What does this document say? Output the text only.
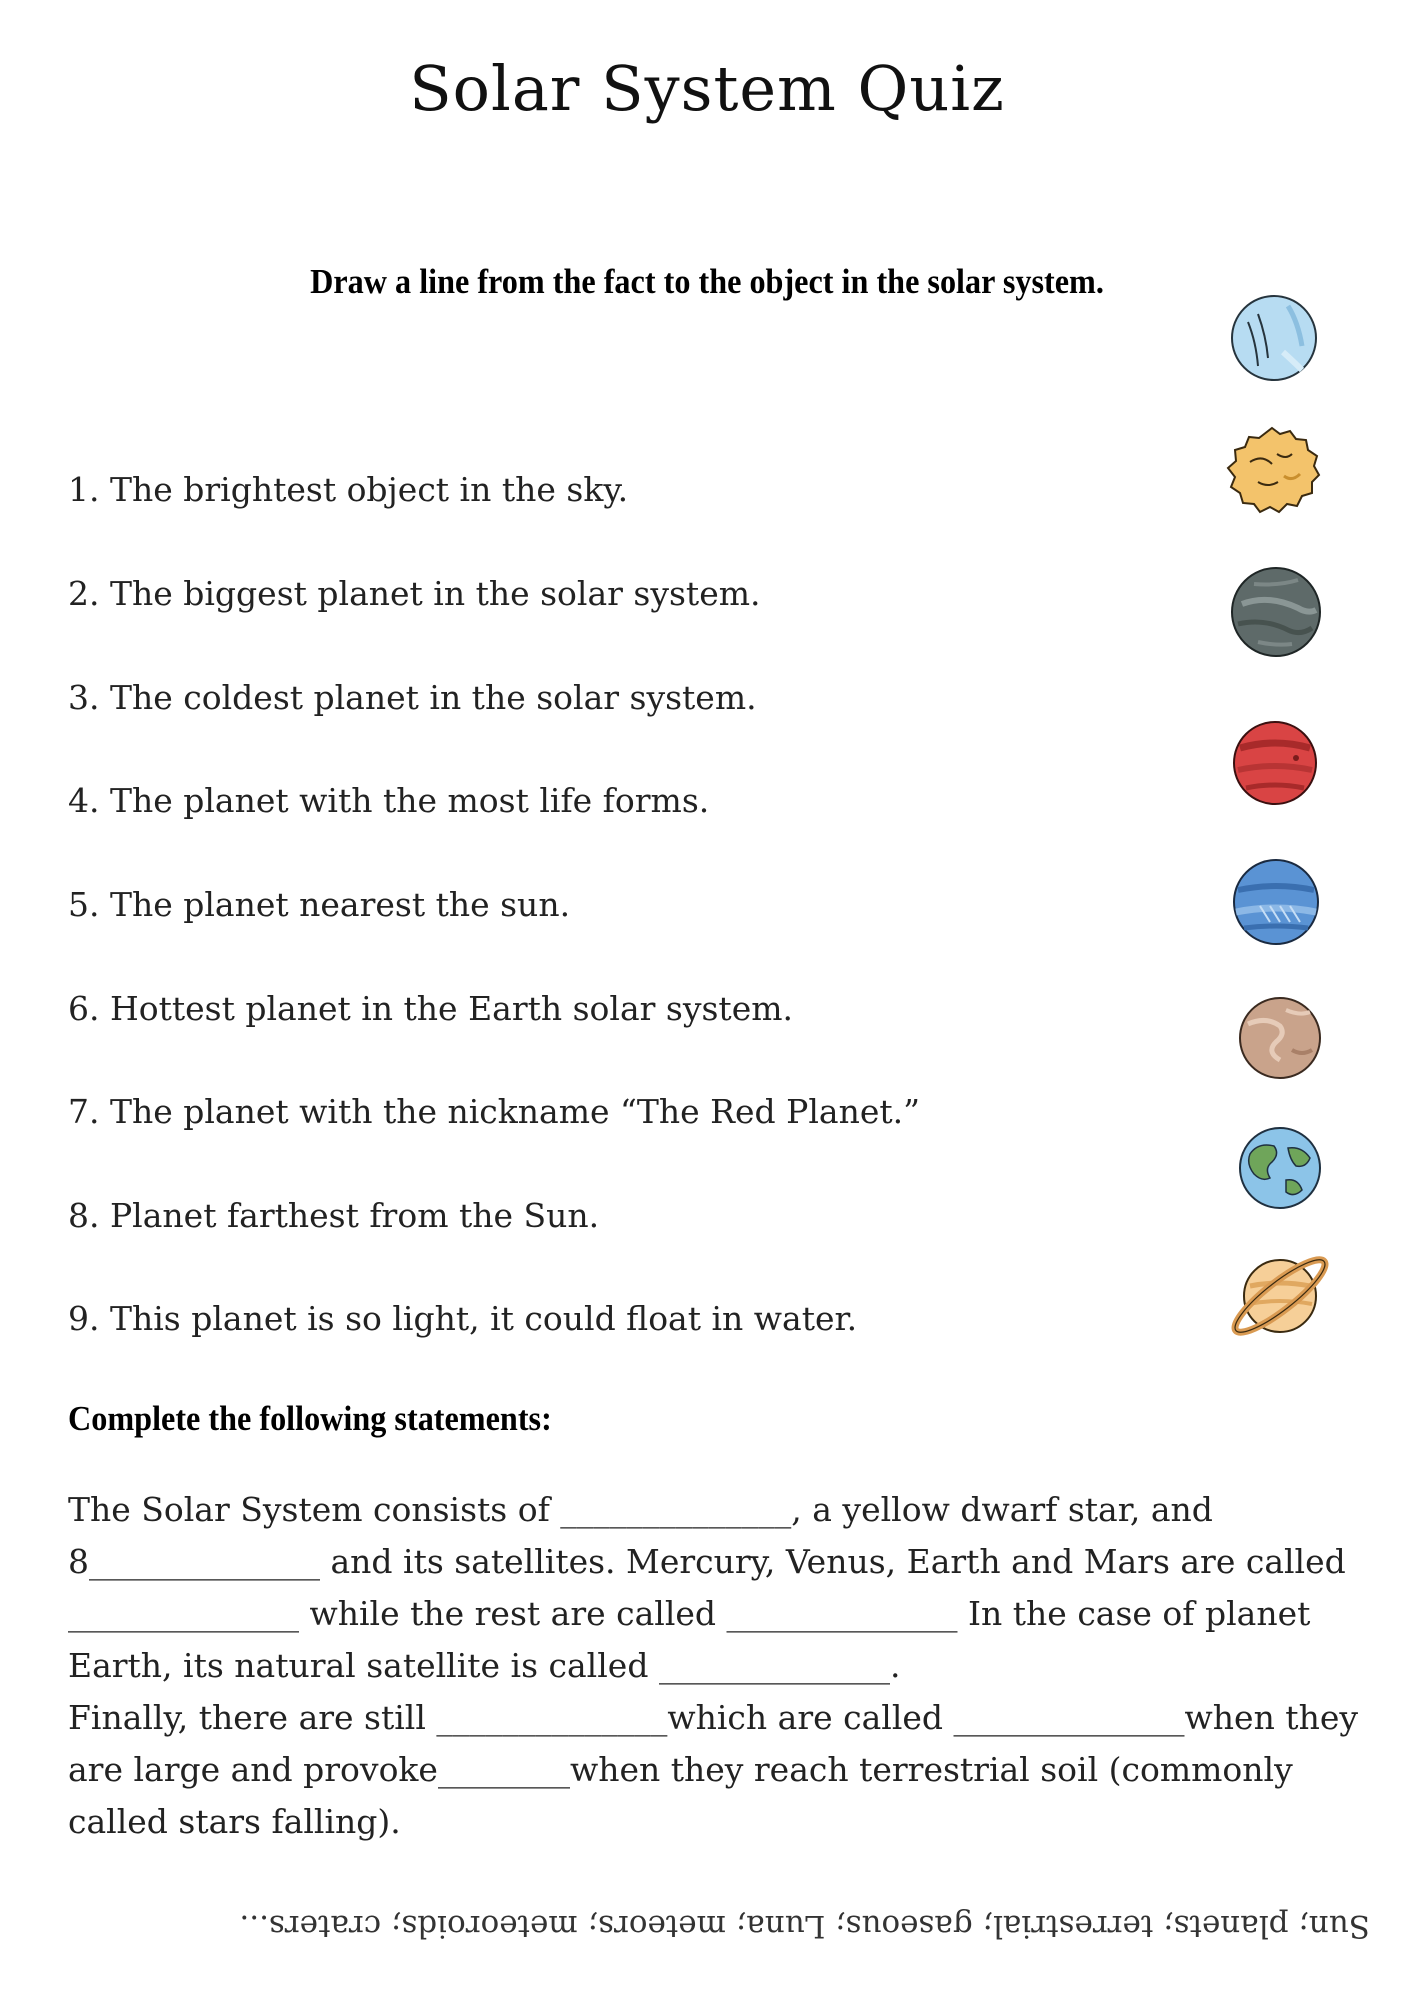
Solar System Quiz
Draw a line from the fact to the object in the solar system.
1. The brightest object in the sky.
2. The biggest planet in the solar system.
3. The coldest planet in the solar system.
4. The planet with the most life forms.
5. The planet nearest the sun.
6. Hottest planet in the Earth solar system.
7. The planet with the nickname “The Red Planet.”
8. Planet farthest from the Sun.
9. This planet is so light, it could float in water.
Complete the following statements:

The Solar System consists of ______________, a yellow dwarf star, and

8______________ and its satellites. Mercury, Venus, Earth and Mars are called

______________ while the rest are called ______________ In the case of planet

Earth, its natural satellite is called ______________.

Finally, there are still ______________which are called ______________when they

are large and provoke________when they reach terrestrial soil (commonly

called stars falling).

Sun; planets; terrestrial; gaseous; Luna; meteors; meteoroids; craters...
